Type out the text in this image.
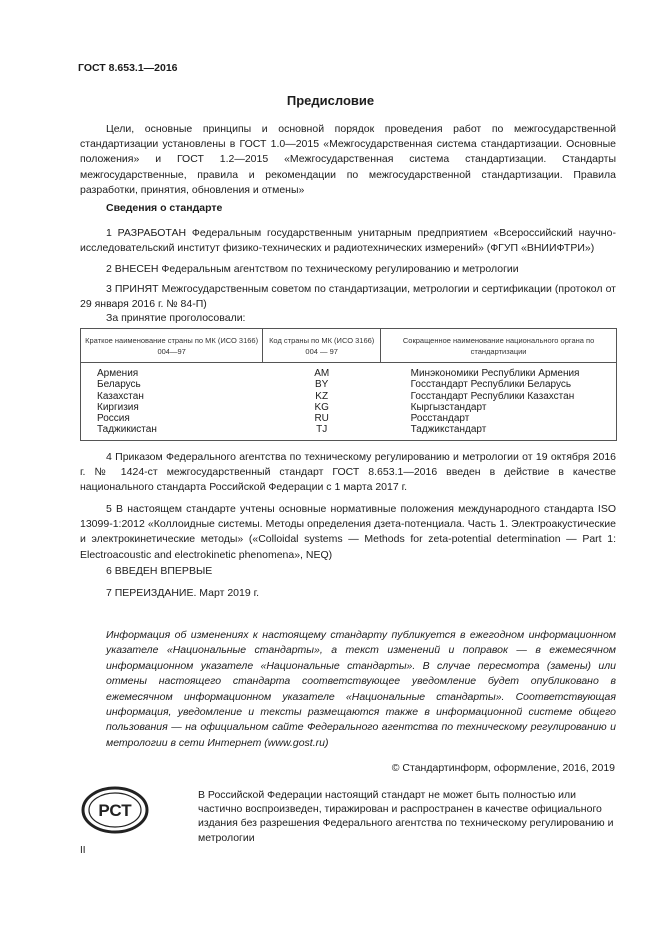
ГОСТ 8.653.1—2016
Предисловие
Цели, основные принципы и основной порядок проведения работ по межгосударственной стандартизации установлены в ГОСТ 1.0—2015 «Межгосударственная система стандартизации. Основные положения» и ГОСТ 1.2—2015 «Межгосударственная система стандартизации. Стандарты межгосударственные, правила и рекомендации по межгосударственной стандартизации. Правила разработки, принятия, обновления и отмены»
Сведения о стандарте
1 РАЗРАБОТАН Федеральным государственным унитарным предприятием «Всероссийский научно-исследовательский институт физико-технических и радиотехнических измерений» (ФГУП «ВНИИФТРИ»)
2 ВНЕСЕН Федеральным агентством по техническому регулированию и метрологии
3 ПРИНЯТ Межгосударственным советом по стандартизации, метрологии и сертификации (протокол от 29 января 2016 г. № 84-П)
За принятие проголосовали:
Краткое наименование страны по МК (ИСО 3166) 004—97	Код страны по МК (ИСО 3166) 004 — 97	Сокращенное наименование национального органа по стандартизации
Армения	AM	Минэкономики Республики Армения
Беларусь	BY	Госстандарт Республики Беларусь
Казахстан	KZ	Госстандарт Республики Казахстан
Киргизия	KG	Кыргызстандарт
Россия	RU	Росстандарт
Таджикистан	TJ	Таджикстандарт
4 Приказом Федерального агентства по техническому регулированию и метрологии от 19 октября 2016 г. № 1424-ст межгосударственный стандарт ГОСТ 8.653.1—2016 введен в действие в качестве национального стандарта Российской Федерации с 1 марта 2017 г.
5 В настоящем стандарте учтены основные нормативные положения международного стандарта ISO 13099-1:2012 «Коллоидные системы. Методы определения дзета-потенциала. Часть 1. Электроакустические и электрокинетические методы» («Colloidal systems — Methods for zeta-potential determination — Part 1: Electroacoustic and electrokinetic phenomena», NEQ)
6 ВВЕДЕН ВПЕРВЫЕ
7 ПЕРЕИЗДАНИЕ. Март 2019 г.
Информация об изменениях к настоящему стандарту публикуется в ежегодном информационном указателе «Национальные стандарты», а текст изменений и поправок — в ежемесячном информационном указателе «Национальные стандарты». В случае пересмотра (замены) или отмены настоящего стандарта соответствующее уведомление будет опубликовано в ежемесячном информационном указателе «Национальные стандарты». Соответствующая информация, уведомление и тексты размещаются также в информационной системе общего пользования — на официальном сайте Федерального агентства по техническому регулированию и метрологии в сети Интернет (www.gost.ru)
© Стандартинформ, оформление, 2016, 2019
РСТ
В Российской Федерации настоящий стандарт не может быть полностью или частично воспроизведен, тиражирован и распространен в качестве официального издания без разрешения Федерального агентства по техническому регулированию и метрологии
II
